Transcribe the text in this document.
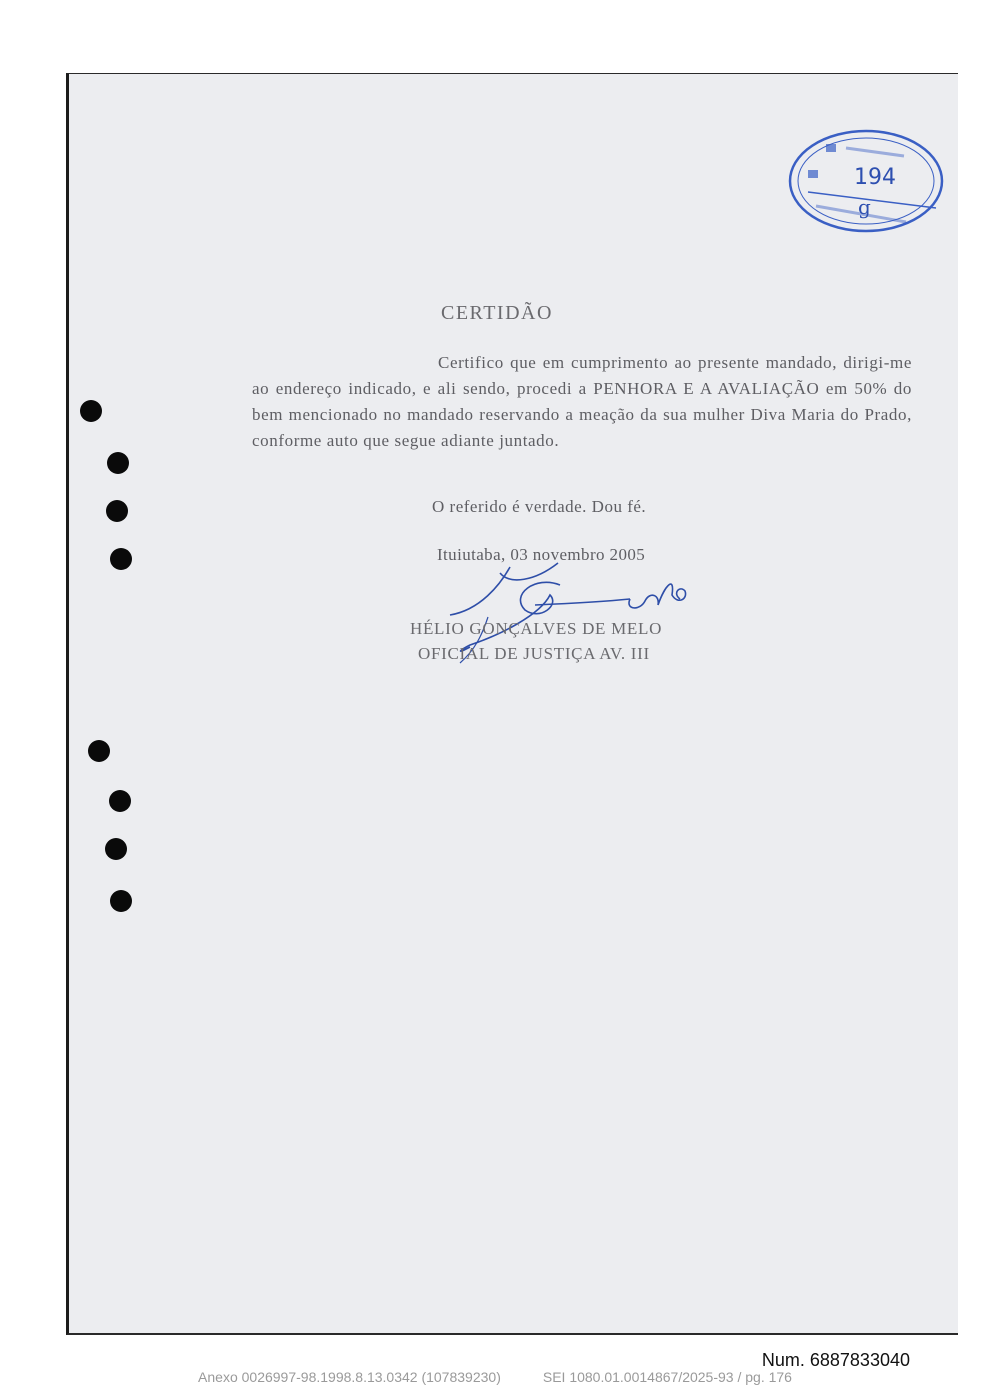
194
g
CERTIDÃO
Certifico que em cumprimento ao presente mandado, dirigi-me ao endereço indicado, e ali sendo, procedi a PENHORA E A AVALIAÇÃO em 50% do bem mencionado no mandado reservando a meação da sua mulher Diva Maria do Prado, conforme auto que segue adiante juntado.
O referido é verdade. Dou fé.
Ituiutaba, 03 novembro 2005
HÉLIO GONÇALVES DE MELO
OFICIAL DE JUSTIÇA AV. III
Num. 6887833040
Anexo 0026997-98.1998.8.13.0342 (107839230)	SEI 1080.01.0014867/2025-93 / pg. 176
